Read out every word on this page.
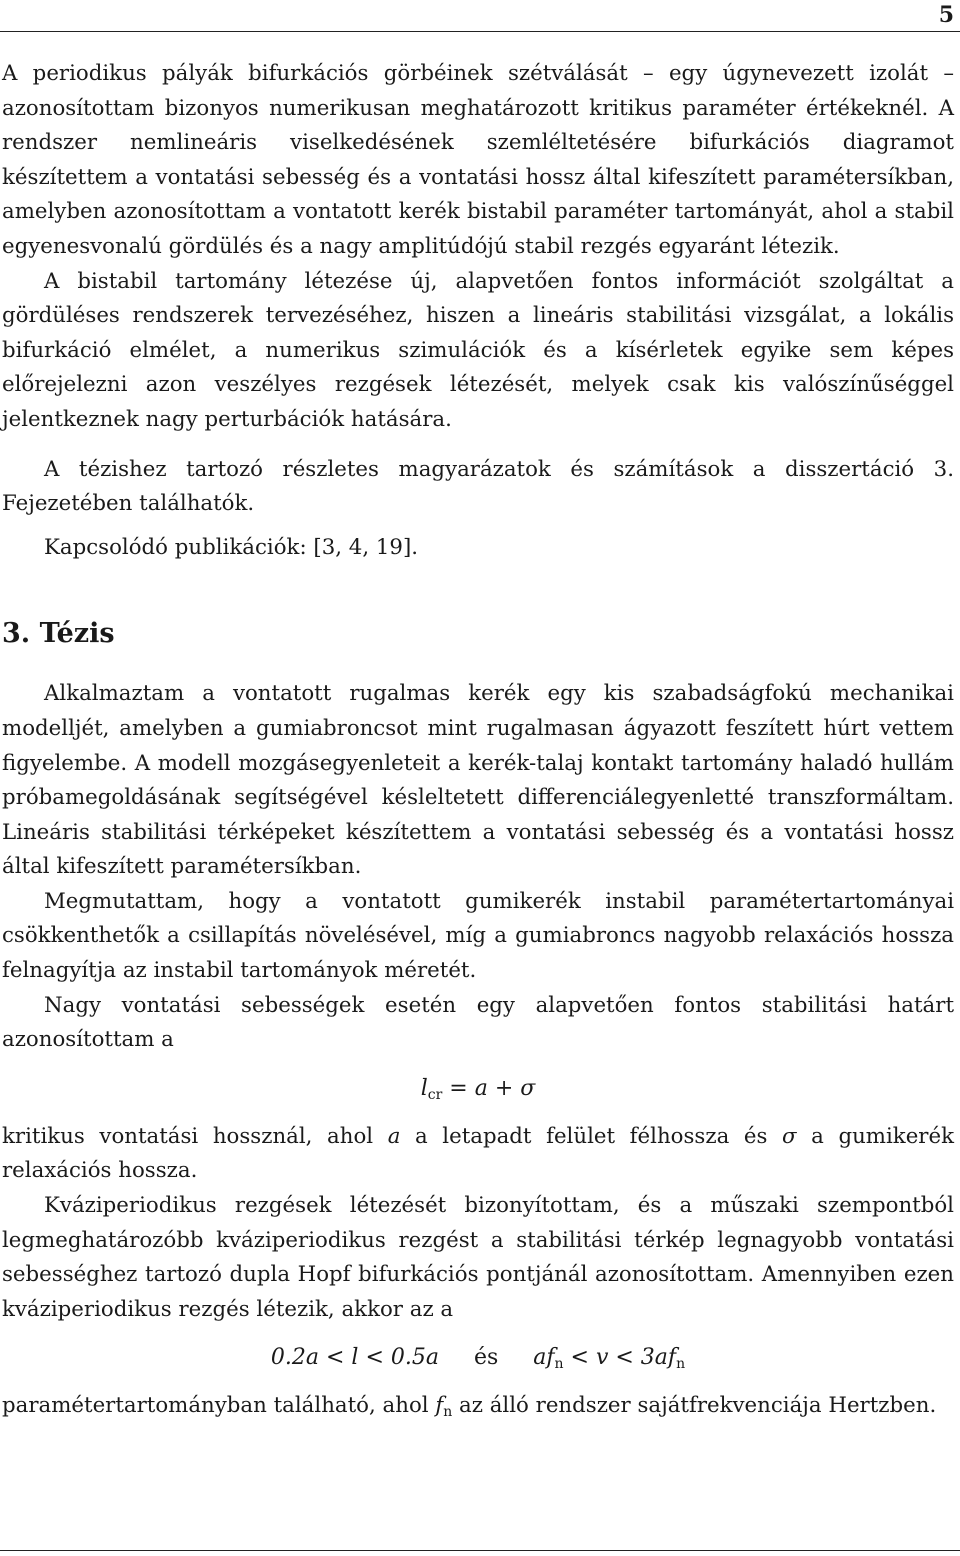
5

A periodikus pályák bifurkációs görbéinek szétválását – egy úgynevezett izolát – azonosítottam bizonyos numerikusan meghatározott kritikus paraméter értékeknél. A rendszer nemlineáris viselkedésének szemléltetésére bifurkációs diagramot készítettem a vontatási sebesség és a vontatási hossz által kifeszített paramétersíkban, amelyben azonosítottam a vontatott kerék bistabil paraméter tartományát, ahol a stabil egyenesvonalú gördülés és a nagy amplitúdójú stabil rezgés egyaránt létezik.

A bistabil tartomány létezése új, alapvetően fontos információt szolgáltat a gördüléses rendszerek tervezéséhez, hiszen a lineáris stabilitási vizsgálat, a lokális bifurkáció elmélet, a numerikus szimulációk és a kísérletek egyike sem képes előrejelezni azon veszélyes rezgések létezését, melyek csak kis valószínűséggel jelentkeznek nagy perturbációk hatására.

A tézishez tartozó részletes magyarázatok és számítások a disszertáció 3. Fejezetében találhatók.

Kapcsolódó publikációk: [3, 4, 19].

3. Tézis

Alkalmaztam a vontatott rugalmas kerék egy kis szabadságfokú mechanikai modelljét, amelyben a gumiabroncsot mint rugalmasan ágyazott feszített húrt vettem figyelembe. A modell mozgásegyenleteit a kerék-talaj kontakt tartomány haladó hullám próbamegoldásának segítségével késleltetett differenciálegyenletté transzformáltam. Lineáris stabilitási térképeket készítettem a vontatási sebesség és a vontatási hossz által kifeszített paramétersíkban.

Megmutattam, hogy a vontatott gumikerék instabil paramétertartományai csökkenthetők a csillapítás növelésével, míg a gumiabroncs nagyobb relaxációs hossza felnagyítja az instabil tartományok méretét.

Nagy vontatási sebességek esetén egy alapvetően fontos stabilitási határt azonosítottam a

$l_{cr} = a + \sigma$

kritikus vontatási hossznál, ahol a a letapadt felület félhossza és σ a gumikerék relaxációs hossza.

Kváziperiodikus rezgések létezését bizonyítottam, és a műszaki szempontból legmeghatározóbb kváziperiodikus rezgést a stabilitási térkép legnagyobb vontatási sebességhez tartozó dupla Hopf bifurkációs pontjánál azonosítottam. Amennyiben ezen kváziperiodikus rezgés létezik, akkor az a

0.2a < l < 0.5a és $af_n < v < 3af_n$

paramétertartományban található, ahol fn az álló rendszer sajátfrekvenciája Hertzben.
